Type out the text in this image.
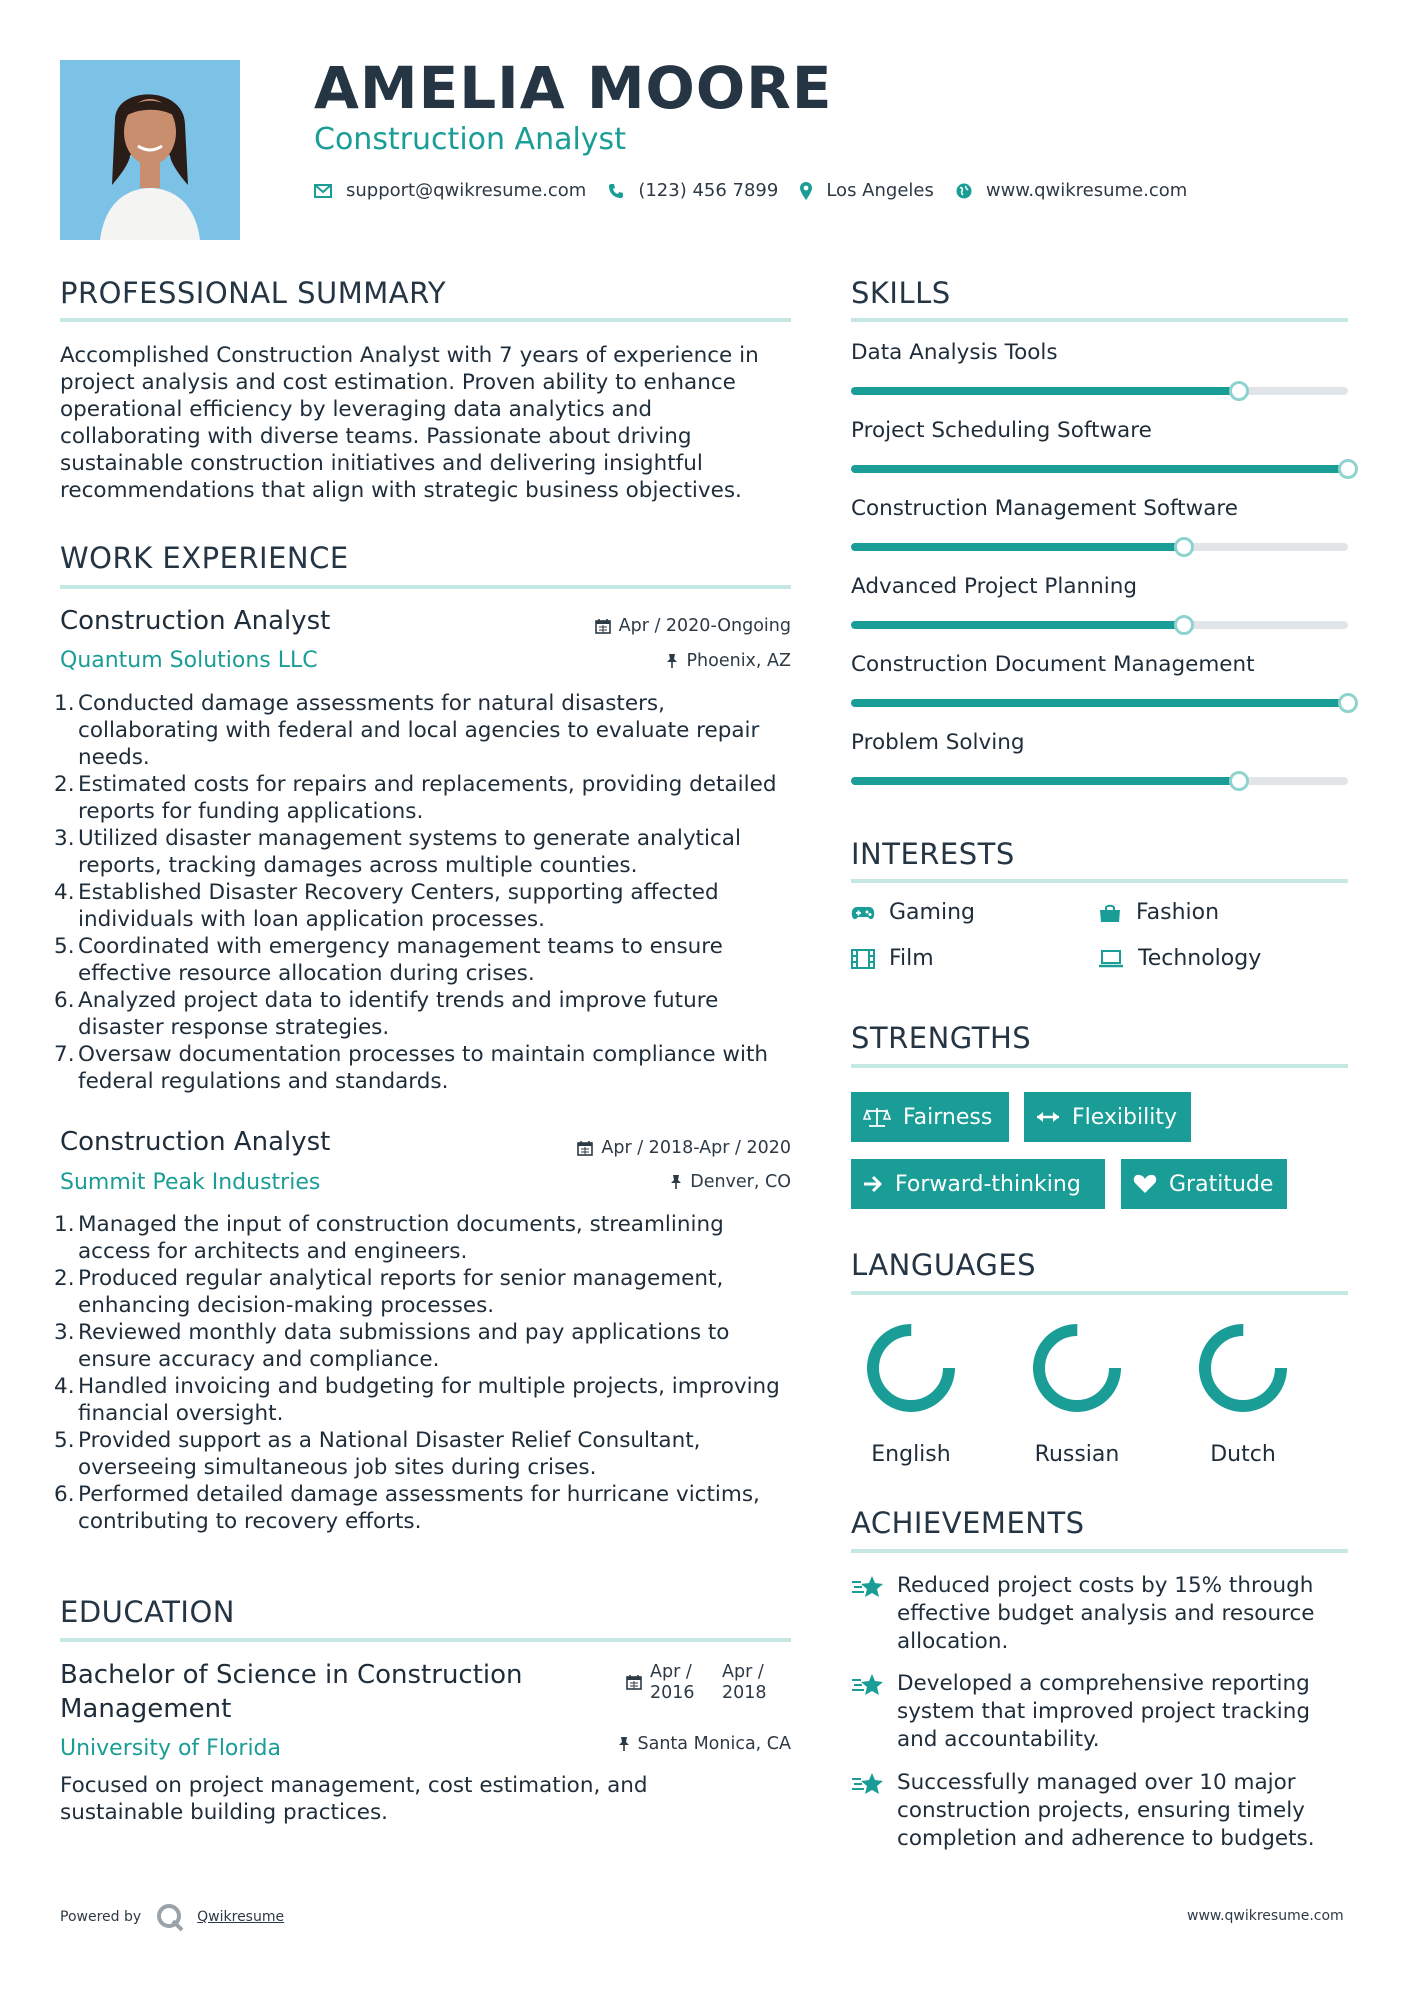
AMELIA MOORE
Construction Analyst
support@qwikresume.com	(123) 456 7899	Los Angeles	www.qwikresume.com
PROFESSIONAL SUMMARY
Accomplished Construction Analyst with 7 years of experience in project analysis and cost estimation. Proven ability to enhance operational efficiency by leveraging data analytics and collaborating with diverse teams. Passionate about driving sustainable construction initiatives and delivering insightful recommendations that align with strategic business objectives.
WORK EXPERIENCE
Construction Analyst
Quantum Solutions LLC
Apr / 2020-Ongoing
Phoenix, AZ
Conducted damage assessments for natural disasters, collaborating with federal and local agencies to evaluate repair needs.
Estimated costs for repairs and replacements, providing detailed reports for funding applications.
Utilized disaster management systems to generate analytical reports, tracking damages across multiple counties.
Established Disaster Recovery Centers, supporting affected individuals with loan application processes.
Coordinated with emergency management teams to ensure effective resource allocation during crises.
Analyzed project data to identify trends and improve future disaster response strategies.
Oversaw documentation processes to maintain compliance with federal regulations and standards.
Construction Analyst
Summit Peak Industries
Apr / 2018-Apr / 2020
Denver, CO
Managed the input of construction documents, streamlining access for architects and engineers.
Produced regular analytical reports for senior management, enhancing decision-making processes.
Reviewed monthly data submissions and pay applications to ensure accuracy and compliance.
Handled invoicing and budgeting for multiple projects, improving financial oversight.
Provided support as a National Disaster Relief Consultant, overseeing simultaneous job sites during crises.
Performed detailed damage assessments for hurricane victims, contributing to recovery efforts.
EDUCATION
Bachelor of Science in Construction Management
University of Florida
Apr / 2016
Apr / 2018
Santa Monica, CA
Focused on project management, cost estimation, and sustainable building practices.
SKILLS
Data Analysis Tools
Project Scheduling Software
Construction Management Software
Advanced Project Planning
Construction Document Management
Problem Solving
INTERESTS
Gaming	Fashion
Film	Technology
STRENGTHS
Fairness	Flexibility
Forward-thinking	Gratitude
LANGUAGES
English	Russian	Dutch
ACHIEVEMENTS
Reduced project costs by 15% through effective budget analysis and resource allocation.
Developed a comprehensive reporting system that improved project tracking and accountability.
Successfully managed over 10 major construction projects, ensuring timely completion and adherence to budgets.
Powered by	Qwikresume	www.qwikresume.com
